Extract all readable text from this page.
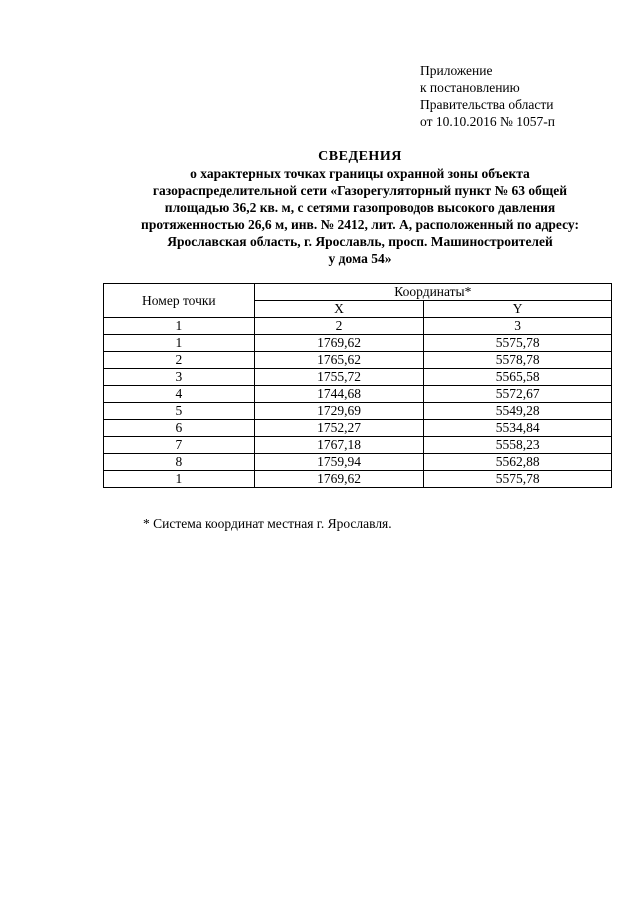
Приложение
к постановлению
Правительства области
от 10.10.2016 № 1057-п
СВЕДЕНИЯ
о характерных точках границы охранной зоны объекта
газораспределительной сети «Газорегуляторный пункт № 63 общей
площадью 36,2 кв. м, с сетями газопроводов высокого давления
протяженностью 26,6 м, инв. № 2412, лит. А, расположенный по адресу:
Ярославская область, г. Ярославль, просп. Машиностроителей
у дома 54»
Номер точки	Координаты*	
	X	Y
1	2	3
1	1769,62	5575,78
2	1765,62	5578,78
3	1755,72	5565,58
4	1744,68	5572,67
5	1729,69	5549,28
6	1752,27	5534,84
7	1767,18	5558,23
8	1759,94	5562,88
1	1769,62	5575,78
* Система координат местная г. Ярославля.
